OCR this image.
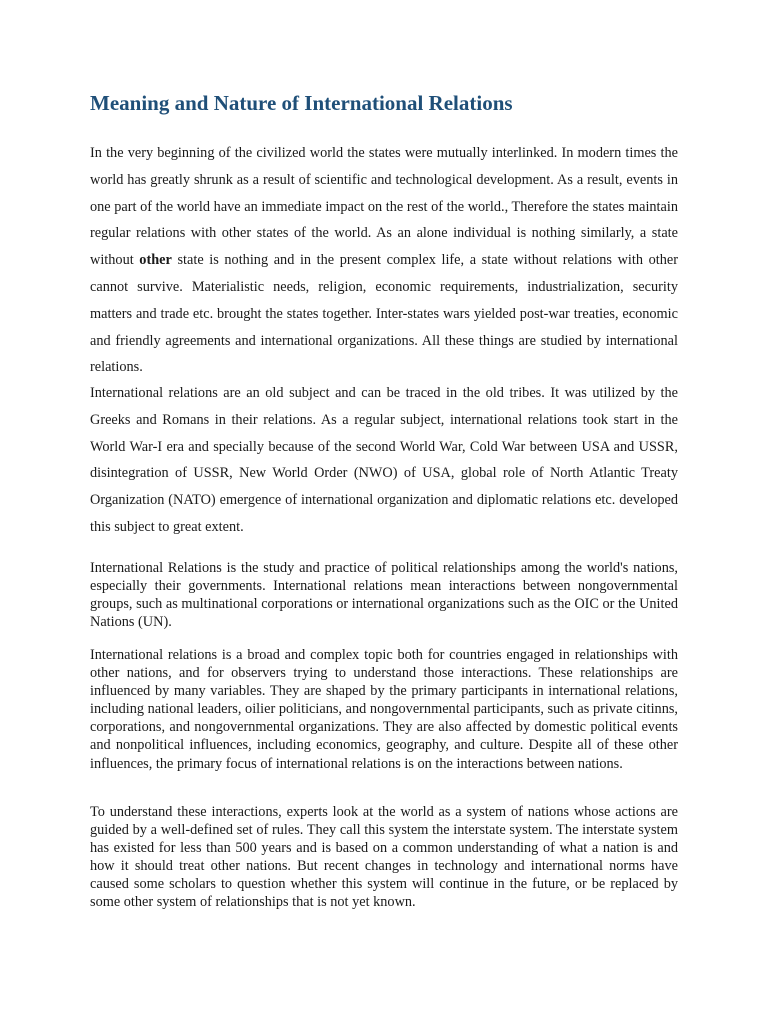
Meaning and Nature of International Relations

In the very beginning of the civilized world the states were mutually interlinked. In modern times the world has greatly shrunk as a result of scientific and technological development. As a result, events in one part of the world have an immediate impact on the rest of the world., Therefore the states maintain regular relations with other states of the world. As an alone individual is nothing similarly, a state without other state is nothing and in the present complex life, a state without relations with other cannot survive. Materialistic needs, religion, economic requirements, industrialization, security matters and trade etc. brought the states together. Inter-states wars yielded post-war treaties, economic and friendly agreements and international organizations. All these things are studied by international relations.

International relations are an old subject and can be traced in the old tribes. It was utilized by the Greeks and Romans in their relations. As a regular subject, international relations took start in the World War-I era and specially because of the second World War, Cold War between USA and USSR, disintegration of USSR, New World Order (NWO) of USA, global role of North Atlantic Treaty Organization (NATO) emergence of international organization and diplomatic relations etc. developed this subject to great extent.

International Relations is the study and practice of political relationships among the world's nations, especially their governments. International relations mean interactions between nongovernmental groups, such as multinational corporations or international organizations such as the OIC or the United Nations (UN).

International relations is a broad and complex topic both for countries engaged in relationships with other nations, and for observers trying to understand those interactions. These relationships are influenced by many variables. They are shaped by the primary participants in international relations, including national leaders, oilier politicians, and nongovernmental participants, such as private citinns, corporations, and nongovernmental organizations. They are also affected by domestic political events and nonpolitical influences, including economics, geography, and culture. Despite all of these other influences, the primary focus of international relations is on the interactions between nations.

To understand these interactions, experts look at the world as a system of nations whose actions are guided by a well-defined set of rules. They call this system the interstate system. The interstate system has existed for less than 500 years and is based on a common understanding of what a nation is and how it should treat other nations. But recent changes in technology and international norms have caused some scholars to question whether this system will continue in the future, or be replaced by some other system of relationships that is not yet known.
